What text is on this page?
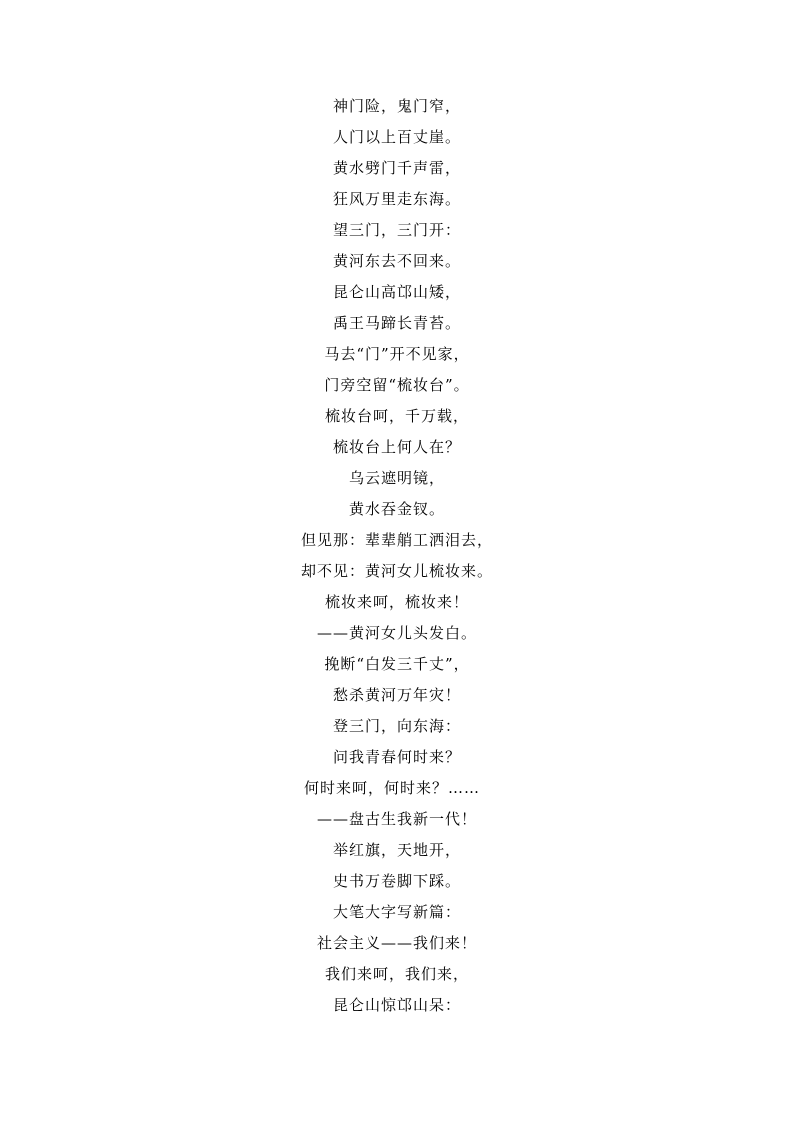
神门险，鬼门窄，
人门以上百丈崖。
黄水劈门千声雷，
狂风万里走东海。
望三门，三门开：
黄河东去不回来。
昆仑山高邙山矮，
禹王马蹄长青苔。
马去“门”开不见家，
门旁空留“梳妆台”。
梳妆台呵，千万载，
梳妆台上何人在？
乌云遮明镜，
黄水吞金钗。
但见那：辈辈艄工洒泪去，
却不见：黄河女儿梳妆来。
梳妆来呵，梳妆来！
——黄河女儿头发白。
挽断“白发三千丈”，
愁杀黄河万年灾！
登三门，向东海：
问我青春何时来？
何时来呵，何时来？……
——盘古生我新一代！
举红旗，天地开，
史书万卷脚下踩。
大笔大字写新篇：
社会主义——我们来！
我们来呵，我们来，
昆仑山惊邙山呆：
